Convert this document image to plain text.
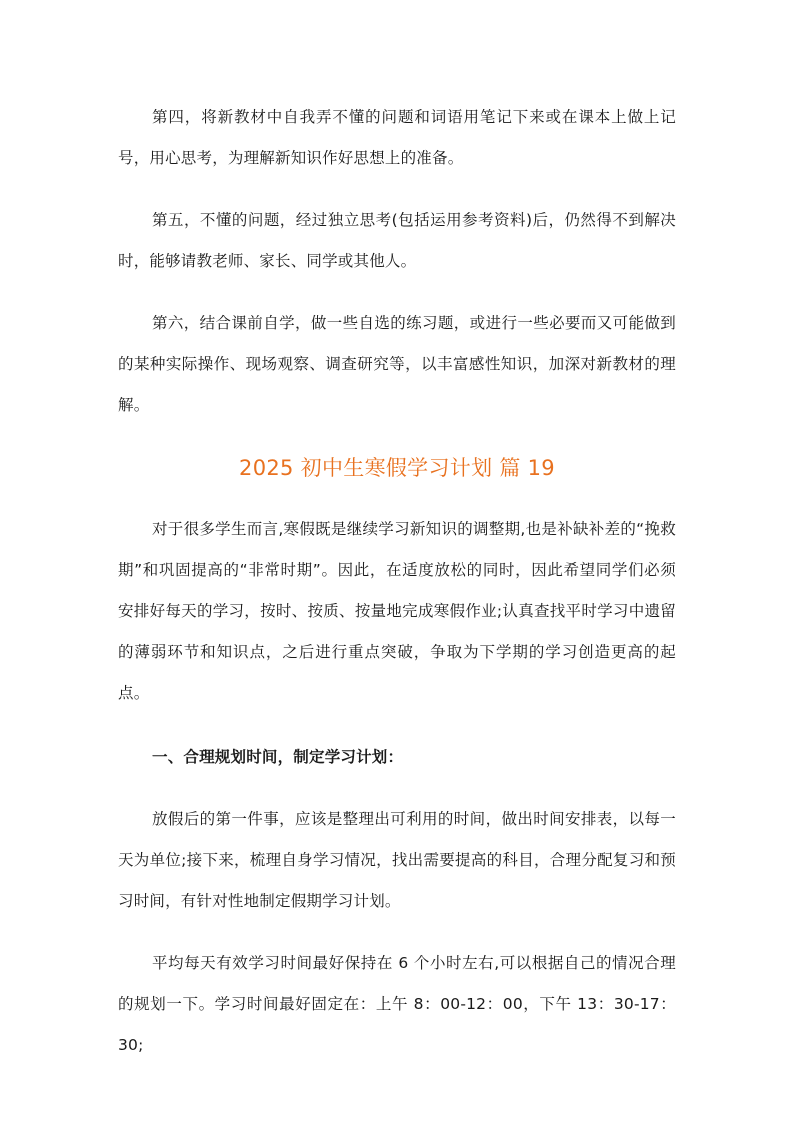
第四，将新教材中自我弄不懂的问题和词语用笔记下来或在课本上做上记号，用心思考，为理解新知识作好思想上的准备。

第五，不懂的问题，经过独立思考(包括运用参考资料)后，仍然得不到解决时，能够请教老师、家长、同学或其他人。

第六，结合课前自学，做一些自选的练习题，或进行一些必要而又可能做到的某种实际操作、现场观察、调查研究等，以丰富感性知识，加深对新教材的理解。

2025 初中生寒假学习计划 篇 19

对于很多学生而言,寒假既是继续学习新知识的调整期,也是补缺补差的“挽救期”和巩固提高的“非常时期”。因此，在适度放松的同时，因此希望同学们必须安排好每天的学习，按时、按质、按量地完成寒假作业;认真查找平时学习中遗留的薄弱环节和知识点，之后进行重点突破，争取为下学期的学习创造更高的起点。

一、合理规划时间，制定学习计划：

放假后的第一件事，应该是整理出可利用的时间，做出时间安排表，以每一天为单位;接下来，梳理自身学习情况，找出需要提高的科目，合理分配复习和预习时间，有针对性地制定假期学习计划。

平均每天有效学习时间最好保持在 6 个小时左右,可以根据自己的情况合理的规划一下。学习时间最好固定在：上午 8：00-12：00，下午 13：30-17：30;
